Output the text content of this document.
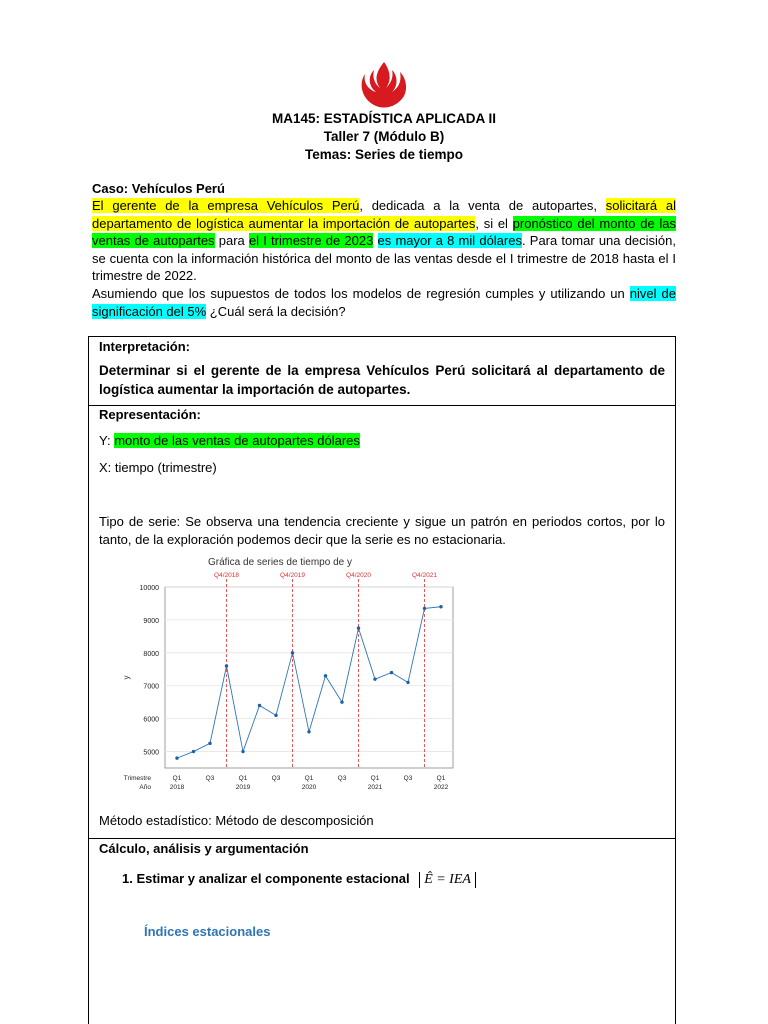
MA145: ESTADÍSTICA APLICADA II
Taller 7 (Módulo B)
Temas: Series de tiempo
Caso: Vehículos Perú
El gerente de la empresa Vehículos Perú, dedicada a la venta de autopartes, solicitará al departamento de logística aumentar la importación de autopartes, si el pronóstico del monto de las ventas de autopartes para el I trimestre de 2023 es mayor a 8 mil dólares. Para tomar una decisión, se cuenta con la información histórica del monto de las ventas desde el I trimestre de 2018 hasta el I trimestre de 2022.
Asumiendo que los supuestos de todos los modelos de regresión cumples y utilizando un nivel de significación del 5% ¿Cuál será la decisión?
Interpretación:
Determinar si el gerente de la empresa Vehículos Perú solicitará al departamento de logística aumentar la importación de autopartes.
Representación:
Y: monto de las ventas de autopartes dólares
X: tiempo (trimestre)
Tipo de serie: Se observa una tendencia creciente y sigue un patrón en periodos cortos, por lo tanto, de la exploración podemos decir que la serie es no estacionaria.
Gráfica de series de tiempo de y
5000
6000
7000
8000
9000
10000
y
Q4/2018	Q4/2019	Q4/2020	Q4/2021
Q1	Q3	Q1	Q3	Q1	Q3	Q1	Q3	Q1
2018	2019	2020	2021	2022
Trimestre
Año
Método estadístico: Método de descomposición
Cálculo, análisis y argumentación
1. Estimar y analizar el componente estacional Ê = IEA
Índices estacionales
